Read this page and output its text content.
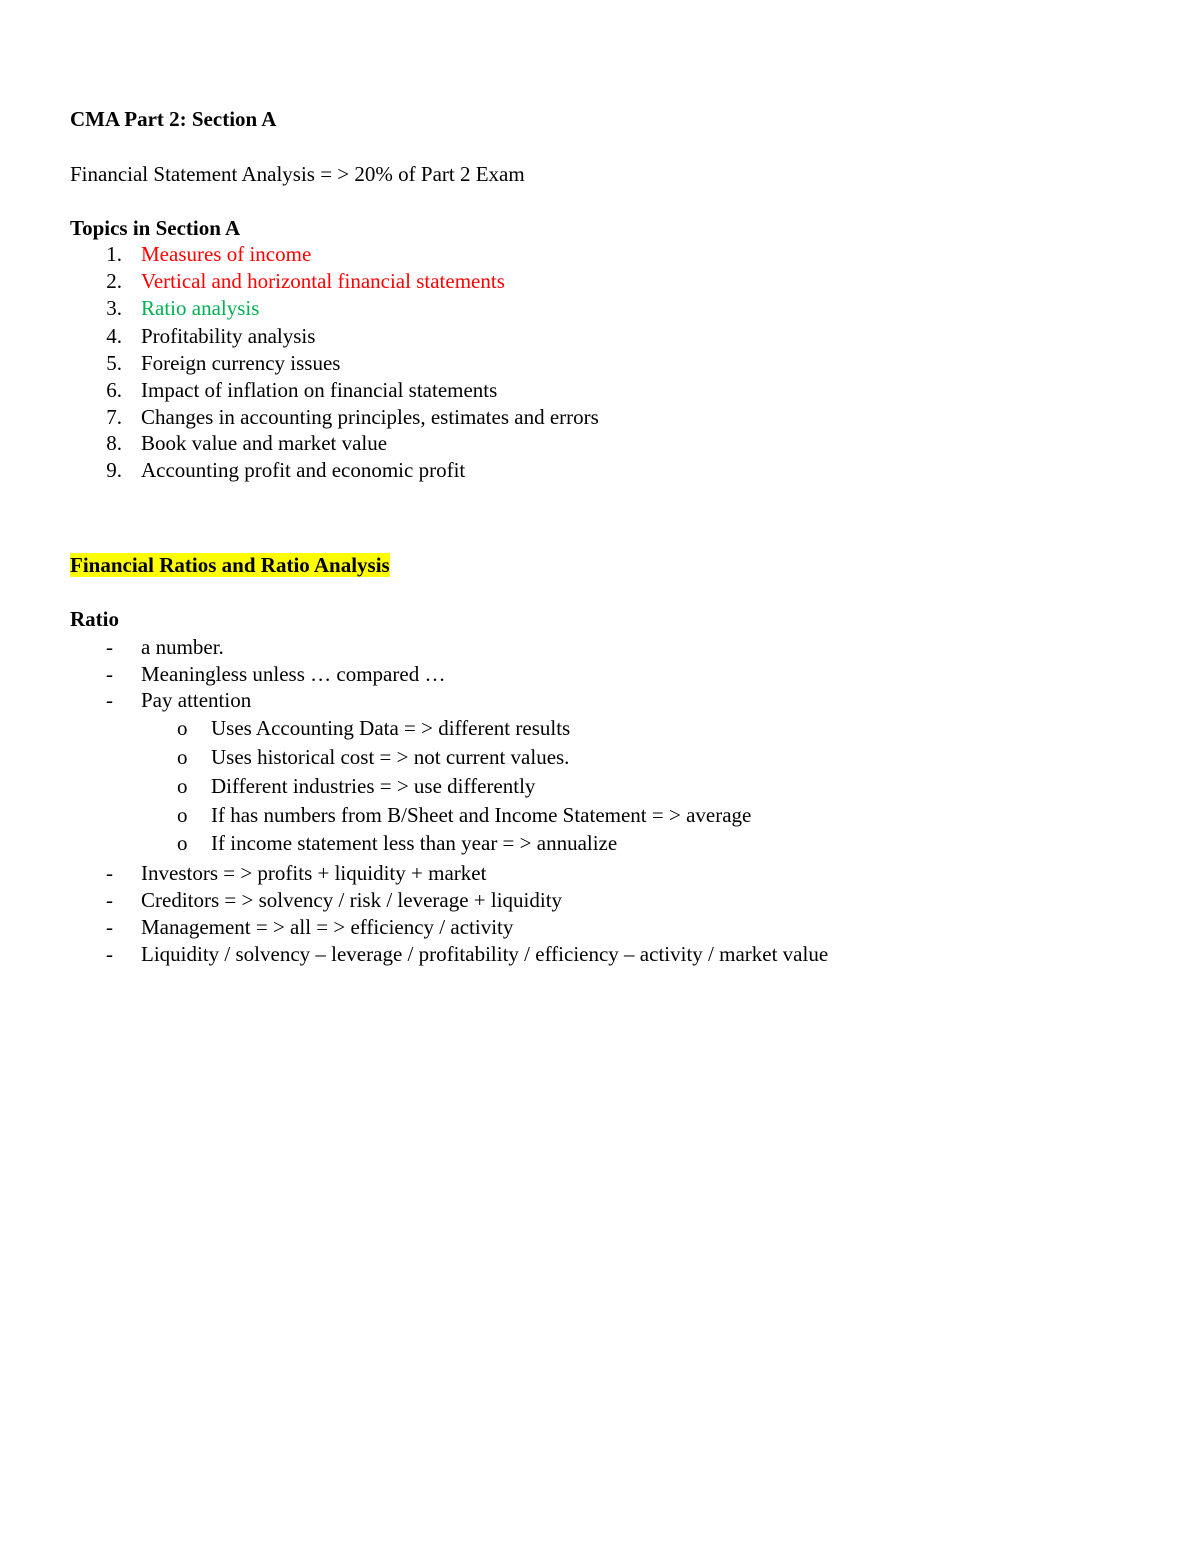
CMA Part 2: Section A
Financial Statement Analysis = > 20% of Part 2 Exam
Topics in Section A
1. Measures of income
2. Vertical and horizontal financial statements
3. Ratio analysis
4. Profitability analysis
5. Foreign currency issues
6. Impact of inflation on financial statements
7. Changes in accounting principles, estimates and errors
8. Book value and market value
9. Accounting profit and economic profit
Financial Ratios and Ratio Analysis
Ratio
- a number.
- Meaningless unless … compared …
- Pay attention
o Uses Accounting Data = > different results
o Uses historical cost = > not current values.
o Different industries = > use differently
o If has numbers from B/Sheet and Income Statement = > average
o If income statement less than year = > annualize
- Investors = > profits + liquidity + market
- Creditors = > solvency / risk / leverage + liquidity
- Management = > all = > efficiency / activity
- Liquidity / solvency – leverage / profitability / efficiency – activity / market value
